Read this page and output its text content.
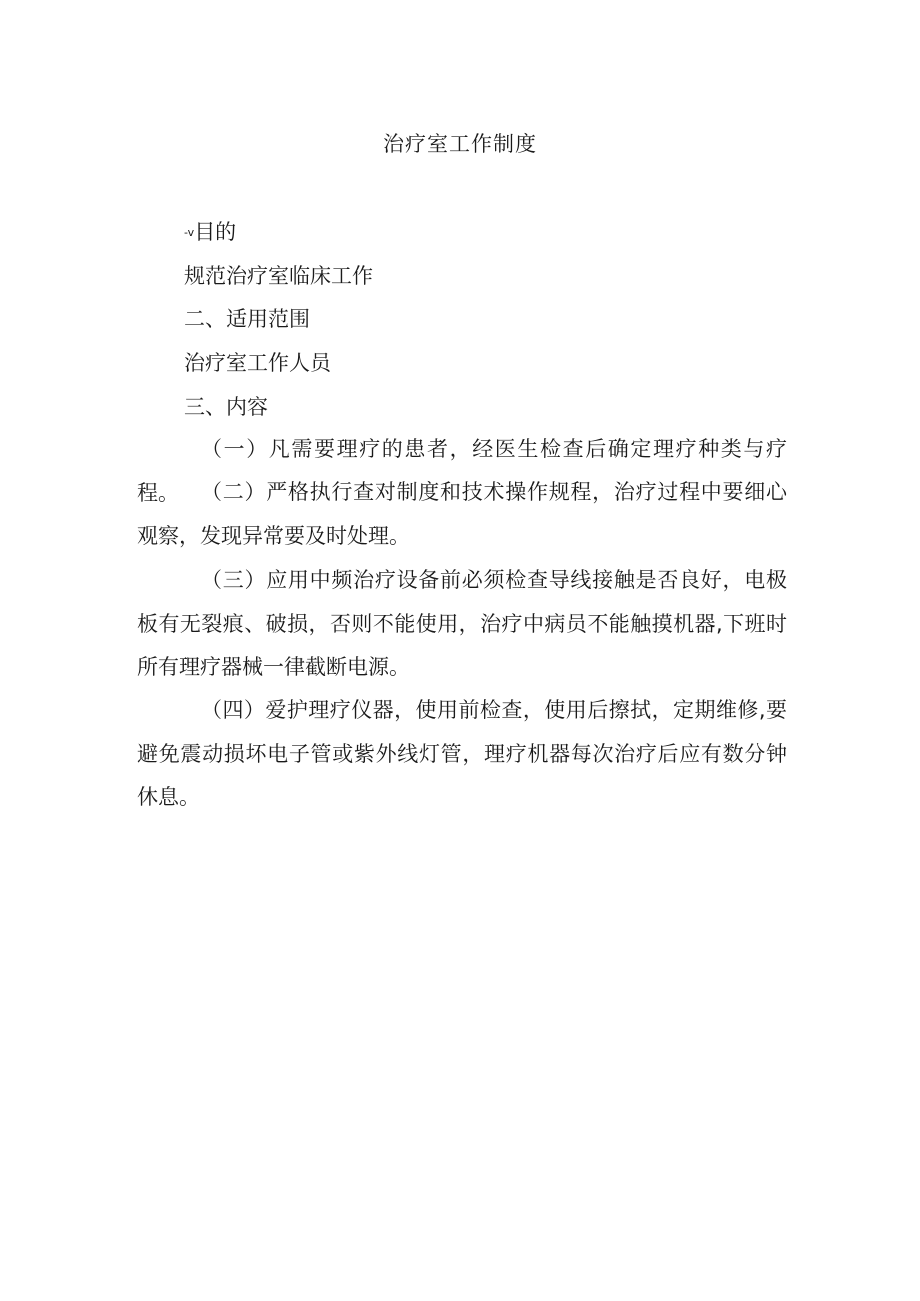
治疗室工作制度
-v目的
规范治疗室临床工作
二、适用范围
治疗室工作人员
三、内容
（一）凡需要理疗的患者，经医生检查后确定理疗种类与疗程。	（二）严格执行查对制度和技术操作规程，治疗过程中要细心观察，发现异常要及时处理。
（三）应用中频治疗设备前必须检查导线接触是否良好，电极板有无裂痕、破损，否则不能使用，治疗中病员不能触摸机器,下班时所有理疗器械一律截断电源。
（四）爱护理疗仪器，使用前检查，使用后擦拭，定期维修,要避免震动损坏电子管或紫外线灯管，理疗机器每次治疗后应有数分钟休息。
